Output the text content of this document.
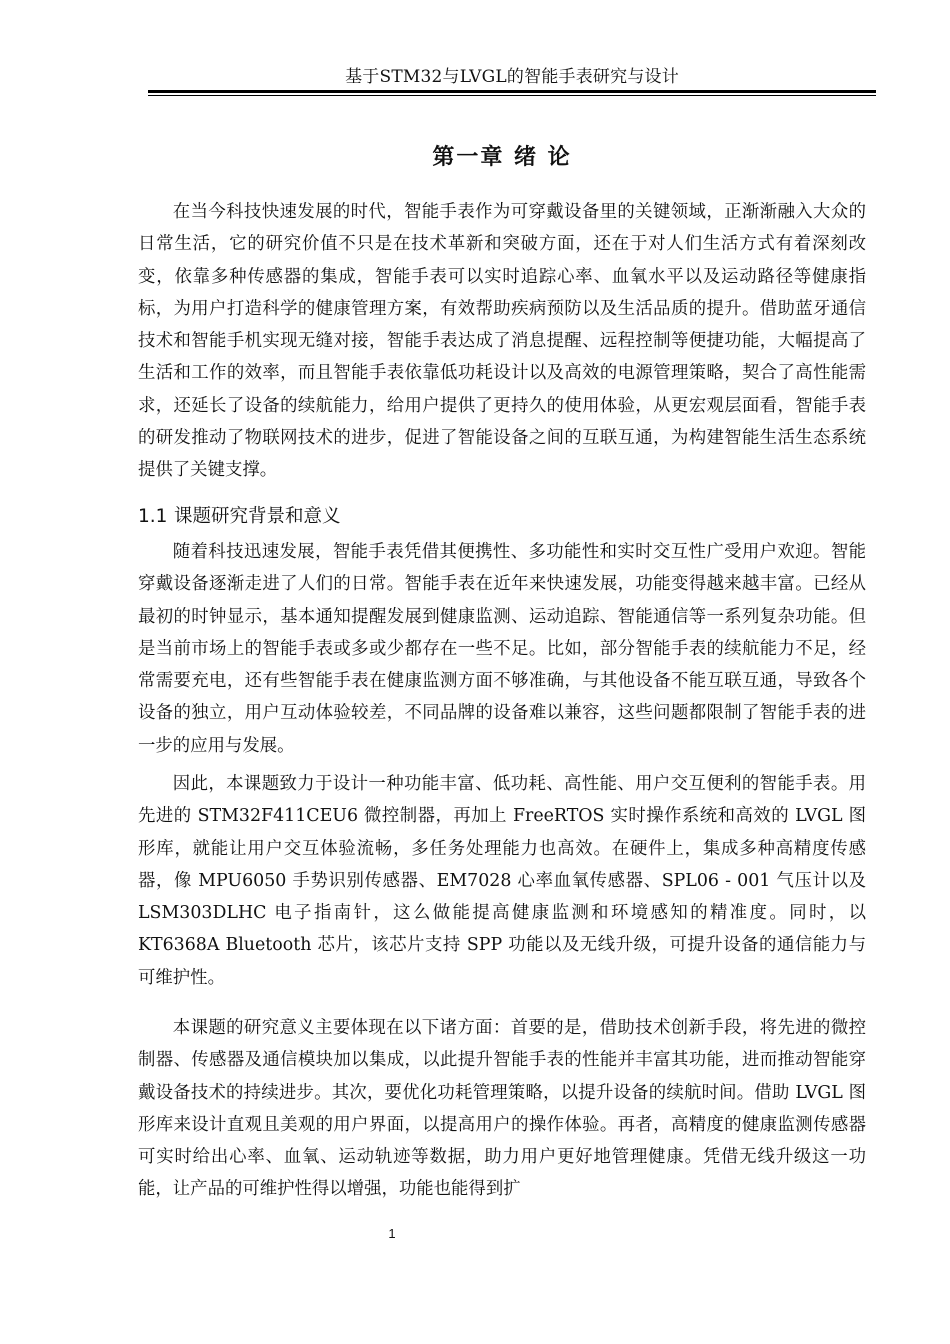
基于STM32与LVGL的智能手表研究与设计
第一章 绪 论

在当今科技快速发展的时代，智能手表作为可穿戴设备里的关键领域，正渐渐融入大众的日常生活，它的研究价值不只是在技术革新和突破方面，还在于对人们生活方式有着深刻改变，依靠多种传感器的集成，智能手表可以实时追踪心率、血氧水平以及运动路径等健康指标，为用户打造科学的健康管理方案，有效帮助疾病预防以及生活品质的提升。借助蓝牙通信技术和智能手机实现无缝对接，智能手表达成了消息提醒、远程控制等便捷功能，大幅提高了生活和工作的效率，而且智能手表依靠低功耗设计以及高效的电源管理策略，契合了高性能需求，还延长了设备的续航能力，给用户提供了更持久的使用体验，从更宏观层面看，智能手表的研发推动了物联网技术的进步，促进了智能设备之间的互联互通，为构建智能生活生态系统提供了关键支撑。

1.1 课题研究背景和意义

随着科技迅速发展，智能手表凭借其便携性、多功能性和实时交互性广受用户欢迎。智能穿戴设备逐渐走进了人们的日常。智能手表在近年来快速发展，功能变得越来越丰富。已经从最初的时钟显示，基本通知提醒发展到健康监测、运动追踪、智能通信等一系列复杂功能。但是当前市场上的智能手表或多或少都存在一些不足。比如，部分智能手表的续航能力不足，经常需要充电，还有些智能手表在健康监测方面不够准确，与其他设备不能互联互通，导致各个设备的独立，用户互动体验较差，不同品牌的设备难以兼容，这些问题都限制了智能手表的进一步的应用与发展。

因此，本课题致力于设计一种功能丰富、低功耗、高性能、用户交互便利的智能手表。用先进的 STM32F411CEU6 微控制器，再加上 FreeRTOS 实时操作系统和高效的 LVGL 图形库，就能让用户交互体验流畅，多任务处理能力也高效。在硬件上，集成多种高精度传感器，像 MPU6050 手势识别传感器、EM7028 心率血氧传感器、SPL06 - 001 气压计以及 LSM303DLHC 电子指南针，这么做能提高健康监测和环境感知的精准度。同时，以 KT6368A Bluetooth 芯片，该芯片支持 SPP 功能以及无线升级，可提升设备的通信能力与可维护性。

本课题的研究意义主要体现在以下诸方面：首要的是，借助技术创新手段，将先进的微控制器、传感器及通信模块加以集成，以此提升智能手表的性能并丰富其功能，进而推动智能穿戴设备技术的持续进步。其次，要优化功耗管理策略，以提升设备的续航时间。借助 LVGL 图形库来设计直观且美观的用户界面，以提高用户的操作体验。再者，高精度的健康监测传感器可实时给出心率、血氧、运动轨迹等数据，助力用户更好地管理健康。凭借无线升级这一功能，让产品的可维护性得以增强，功能也能得到扩

1
